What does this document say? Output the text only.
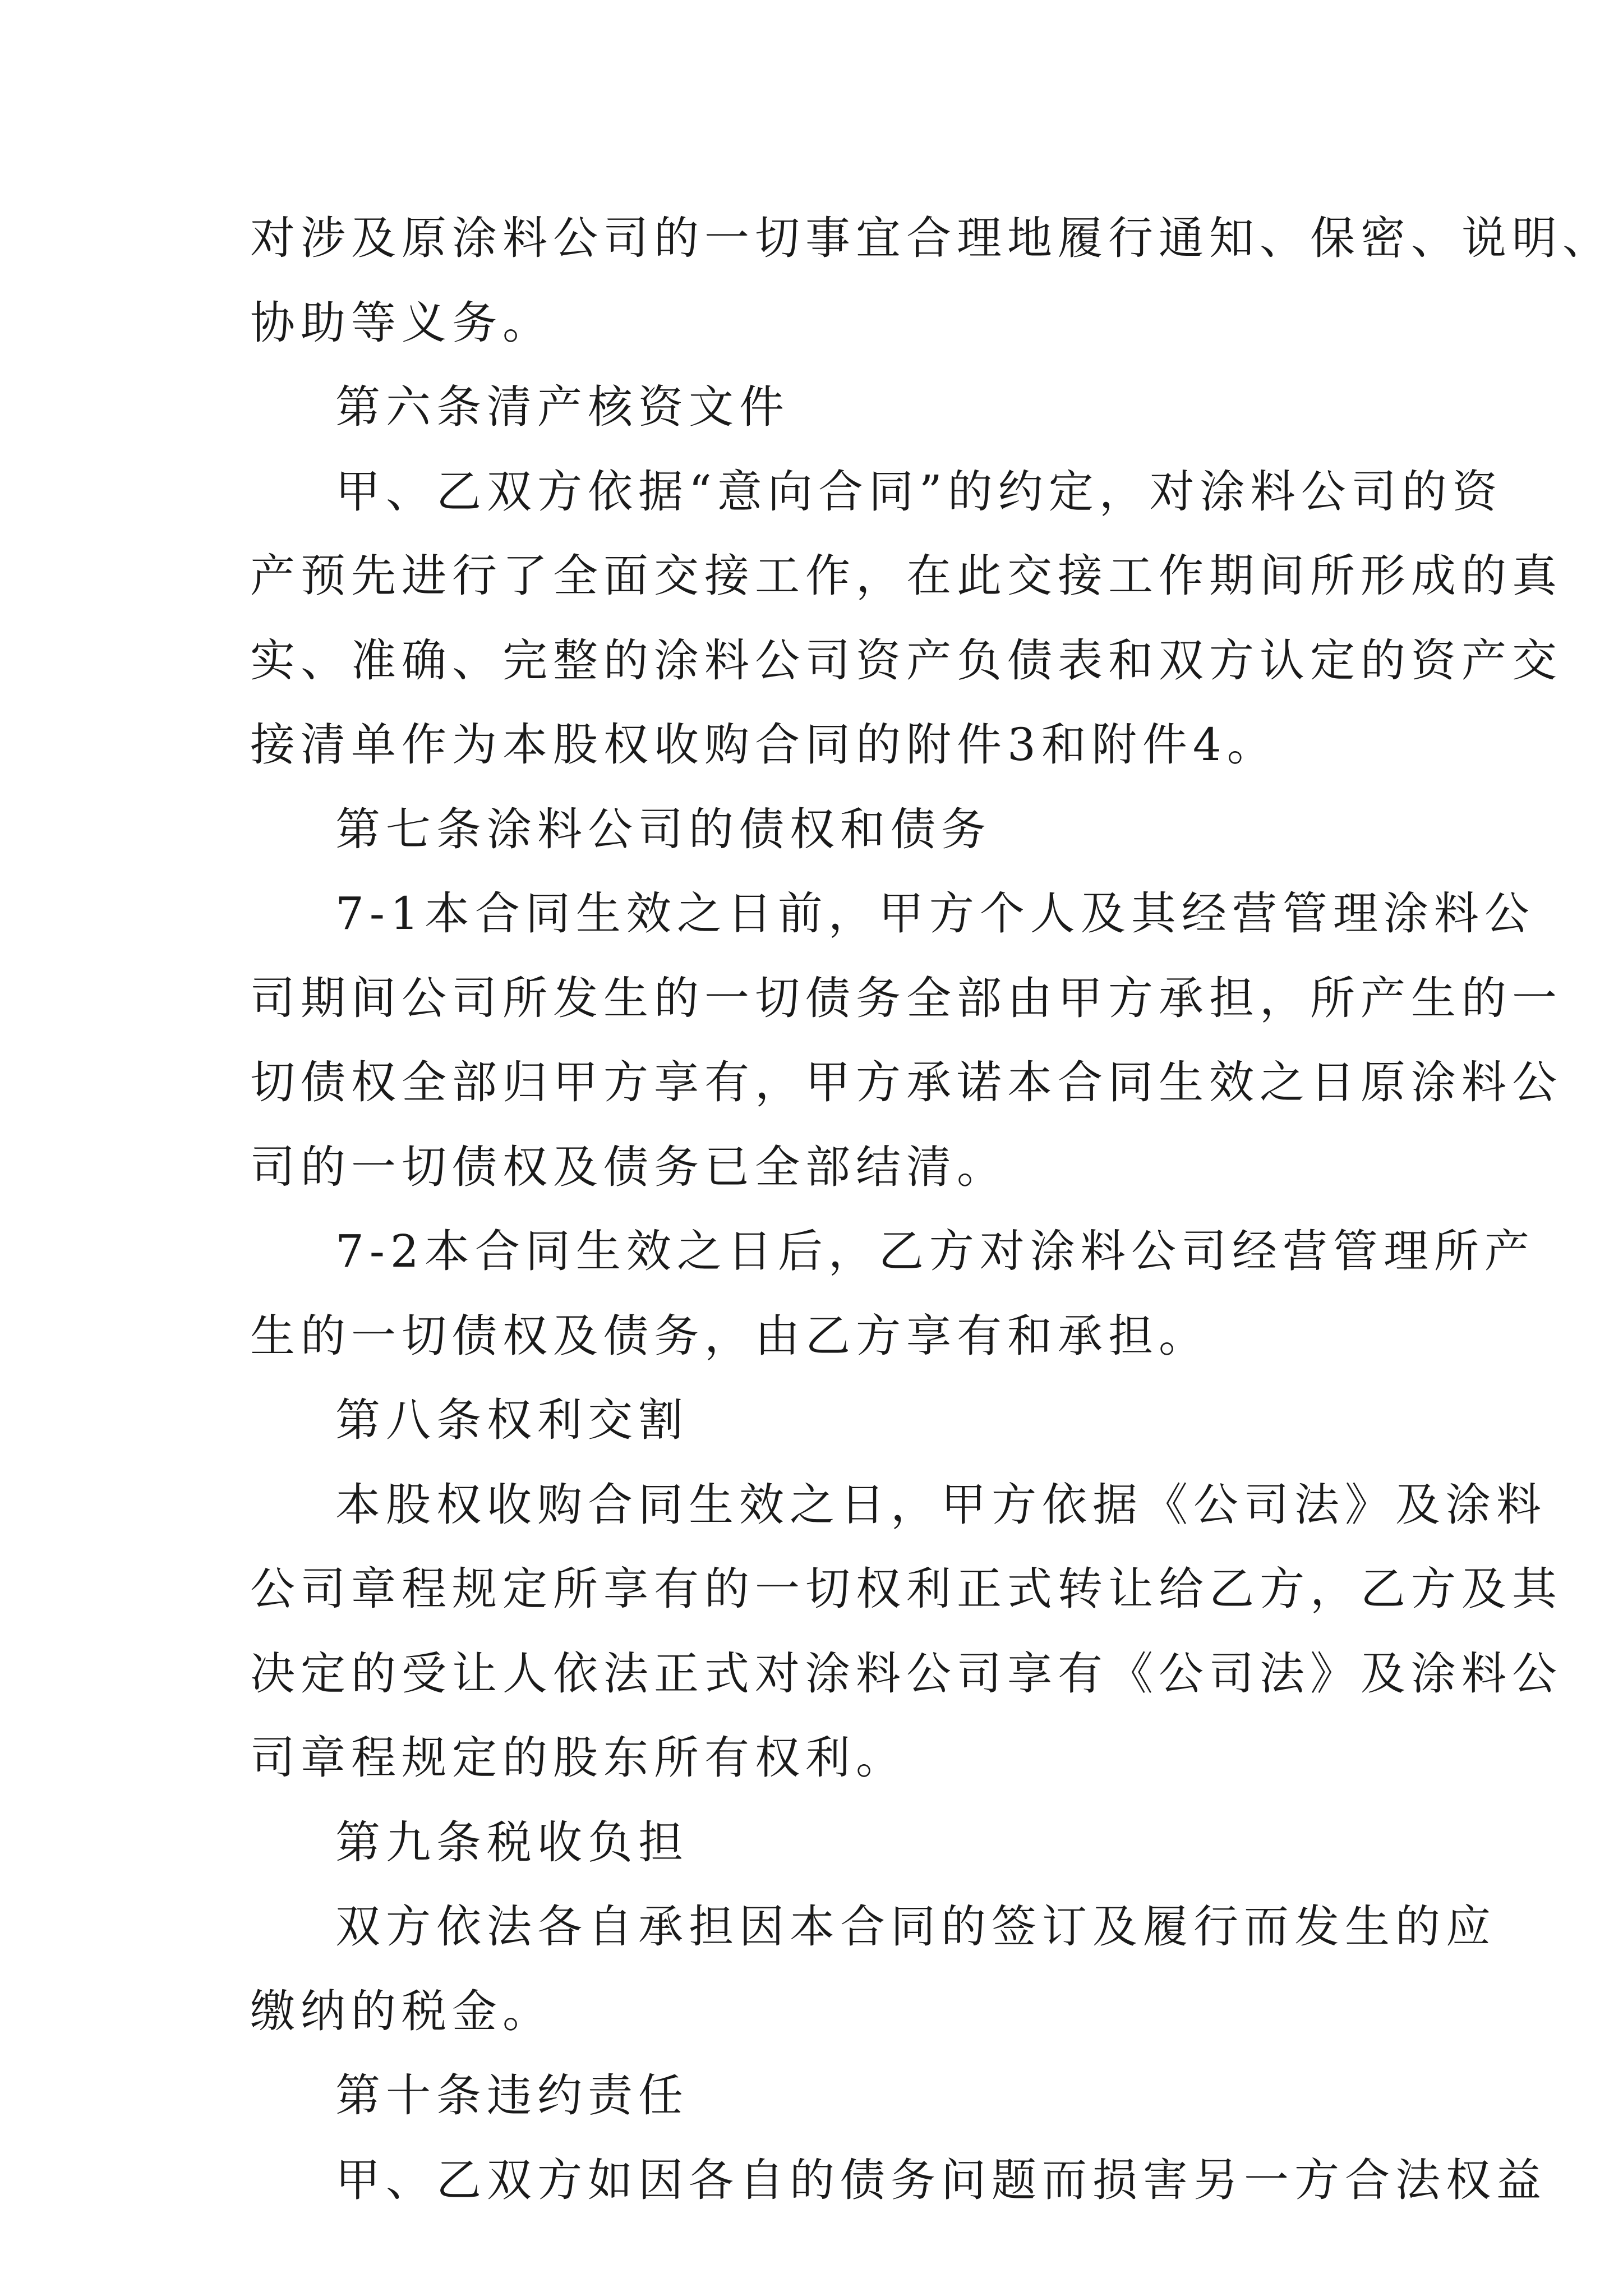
对涉及原涂料公司的一切事宜合理地履行通知、保密、说明、
协助等义务。
第六条清产核资文件
甲、乙双方依据“意向合同”的约定，对涂料公司的资
产预先进行了全面交接工作，在此交接工作期间所形成的真
实、准确、完整的涂料公司资产负债表和双方认定的资产交
接清单作为本股权收购合同的附件3和附件4。
第七条涂料公司的债权和债务
7-1本合同生效之日前，甲方个人及其经营管理涂料公
司期间公司所发生的一切债务全部由甲方承担，所产生的一
切债权全部归甲方享有，甲方承诺本合同生效之日原涂料公
司的一切债权及债务已全部结清。
7-2本合同生效之日后，乙方对涂料公司经营管理所产
生的一切债权及债务，由乙方享有和承担。
第八条权利交割
本股权收购合同生效之日，甲方依据《公司法》及涂料
公司章程规定所享有的一切权利正式转让给乙方，乙方及其
决定的受让人依法正式对涂料公司享有《公司法》及涂料公
司章程规定的股东所有权利。
第九条税收负担
双方依法各自承担因本合同的签订及履行而发生的应
缴纳的税金。
第十条违约责任
甲、乙双方如因各自的债务问题而损害另一方合法权益
